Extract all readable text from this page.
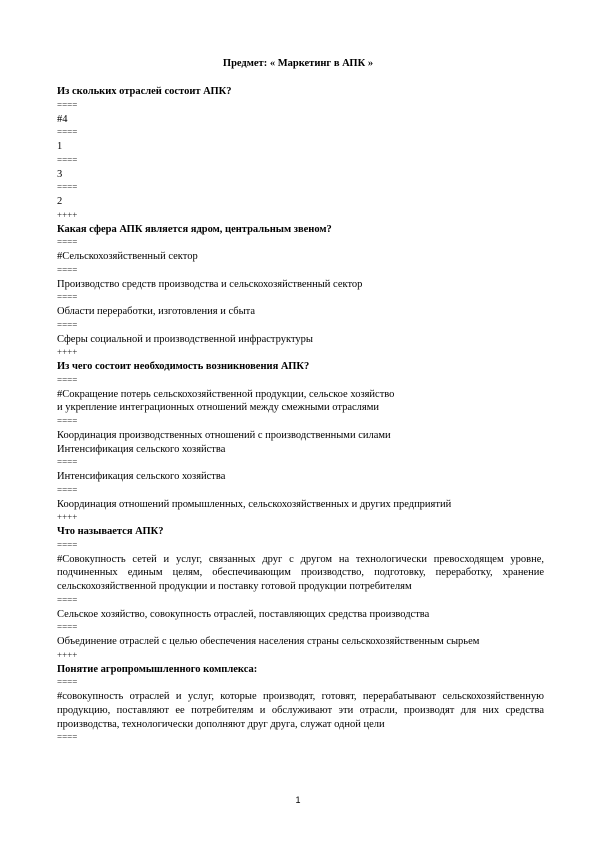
Предмет: « Маркетинг в АПК »

Из скольких отраслей состоит АПК?

====

#4

====

1

====

3

====

2

++++

Какая сфера АПК является ядром, центральным звеном?

====

#Сельскохозяйственный сектор

====

Производство средств производства и сельскохозяйственный сектор

====

Области переработки, изготовления и сбыта

====

Сферы социальной и производственной инфраструктуры

++++

Из чего состоит необходимость возникновения АПК?

====

#Сокращение потерь сельскохозяйственной продукции, сельское хозяйство
и укрепление интеграционных отношений между смежными отраслями

====

Координация производственных отношений с производственными силами
Интенсификация сельского хозяйства

====

Интенсификация сельского хозяйства

====

Координация отношений промышленных, сельскохозяйственных и других предприятий

++++

Что называется АПК?

====

#Совокупность сетей и услуг, связанных друг с другом на технологически превосходящем уровне, подчиненных единым целям, обеспечивающим производство, подготовку, переработку, хранение сельскохозяйственной продукции и поставку готовой продукции потребителям

====

Сельское хозяйство, совокупность отраслей, поставляющих средства производства

====

Объединение отраслей с целью обеспечения населения страны сельскохозяйственным сырьем

++++

Понятие агропромышленного комплекса:

====

#совокупность отраслей и услуг, которые производят, готовят, перерабатывают сельскохозяйственную продукцию, поставляют ее потребителям и обслуживают эти отрасли, производят для них средства производства, технологически дополняют друг друга, служат одной цели

====
1
